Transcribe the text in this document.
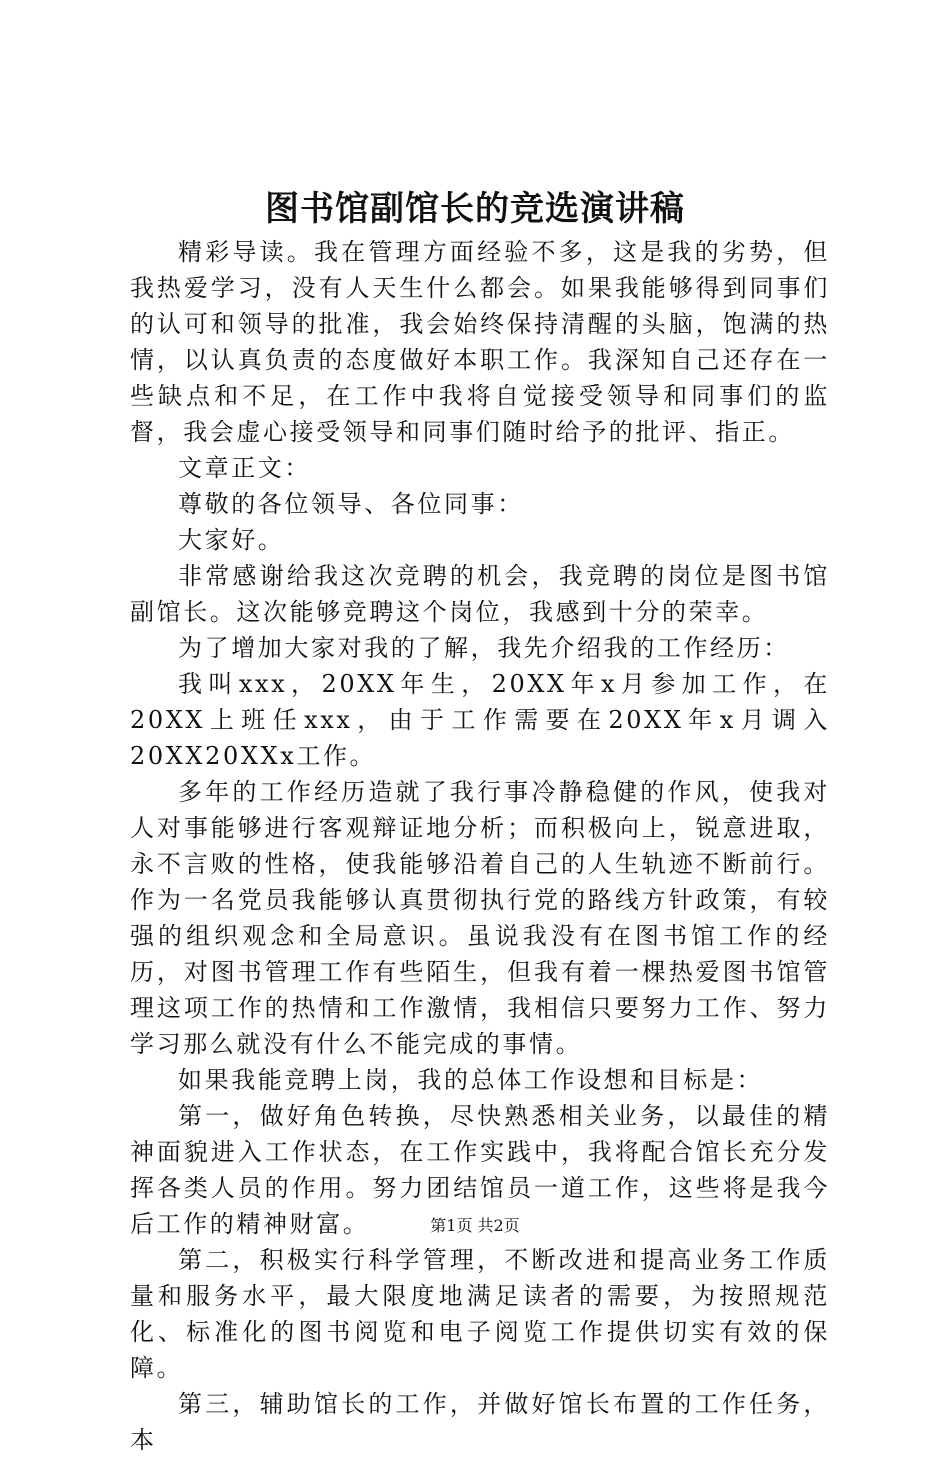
图书馆副馆长的竞选演讲稿

精彩导读。我在管理方面经验不多，这是我的劣势，但我热爱学习，没有人天生什么都会。如果我能够得到同事们的认可和领导的批准，我会始终保持清醒的头脑，饱满的热情，以认真负责的态度做好本职工作。我深知自己还存在一些缺点和不足，在工作中我将自觉接受领导和同事们的监督，我会虚心接受领导和同事们随时给予的批评、指正。

文章正文：

尊敬的各位领导、各位同事：

大家好。

非常感谢给我这次竞聘的机会，我竞聘的岗位是图书馆副馆长。这次能够竞聘这个岗位，我感到十分的荣幸。

为了增加大家对我的了解，我先介绍我的工作经历：

我叫xxx，20XX年生，20XX年x月参加工作，在20XX上班任xxx，由于工作需要在20XX年x月调入20XX20XXx工作。

多年的工作经历造就了我行事冷静稳健的作风，使我对人对事能够进行客观辩证地分析；而积极向上，锐意进取，永不言败的性格，使我能够沿着自己的人生轨迹不断前行。作为一名党员我能够认真贯彻执行党的路线方针政策，有较强的组织观念和全局意识。虽说我没有在图书馆工作的经历，对图书管理工作有些陌生，但我有着一棵热爱图书馆管理这项工作的热情和工作激情，我相信只要努力工作、努力学习那么就没有什么不能完成的事情。

如果我能竞聘上岗，我的总体工作设想和目标是：

第一，做好角色转换，尽快熟悉相关业务，以最佳的精神面貌进入工作状态，在工作实践中，我将配合馆长充分发挥各类人员的作用。努力团结馆员一道工作，这些将是我今后工作的精神财富。

第二，积极实行科学管理，不断改进和提高业务工作质量和服务水平，最大限度地满足读者的需要，为按照规范化、标准化的图书阅览和电子阅览工作提供切实有效的保障。

第三，辅助馆长的工作，并做好馆长布置的工作任务，本

第1页 共2页
